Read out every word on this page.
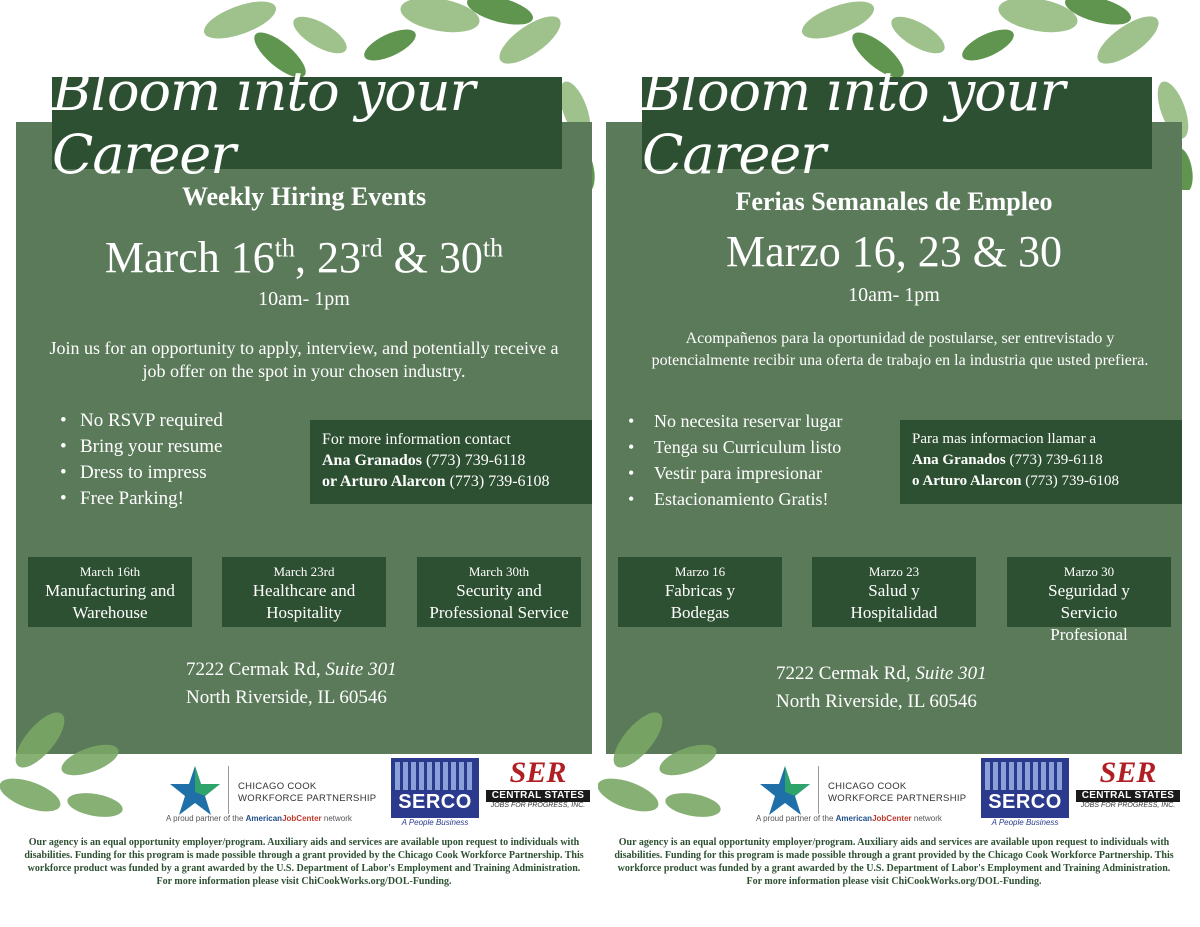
Bloom into your Career
Weekly Hiring Events
March 16th, 23rd & 30th
10am- 1pm
Join us for an opportunity to apply, interview, and potentially receive a job offer on the spot in your chosen industry.
• No RSVP required
• Bring your resume
• Dress to impress
• Free Parking!
For more information contact
Ana Granados (773) 739-6118
or Arturo Alarcon (773) 739-6108
March 16th
Manufacturing and Warehouse
March 23rd
Healthcare and Hospitality
March 30th
Security and Professional Service
7222 Cermak Rd, Suite 301
North Riverside, IL 60546
CHICAGO COOK
WORKFORCE PARTNERSHIP
A proud partner of the AmericanJobCenter network
SERCO
A People Business
SER
CENTRAL STATES
JOBS FOR PROGRESS, INC.
Our agency is an equal opportunity employer/program. Auxiliary aids and services are available upon request to individuals with disabilities. Funding for this program is made possible through a grant provided by the Chicago Cook Workforce Partnership. This workforce product was funded by a grant awarded by the U.S. Department of Labor's Employment and Training Administration. For more information please visit ChiCookWorks.org/DOL-Funding.
Bloom into your Career
Ferias Semanales de Empleo
Marzo 16, 23 & 30
10am- 1pm
Acompañenos para la oportunidad de postularse, ser entrevistado y potencialmente recibir una oferta de trabajo en la industria que usted prefiera.
• No necesita reservar lugar
• Tenga su Curriculum listo
• Vestir para impresionar
• Estacionamiento Gratis!
Para mas informacion llamar a
Ana Granados (773) 739-6118
o Arturo Alarcon (773) 739-6108
Marzo 16
Fabricas y Bodegas
Marzo 23
Salud y Hospitalidad
Marzo 30
Seguridad y Servicio Profesional
7222 Cermak Rd, Suite 301
North Riverside, IL 60546
CHICAGO COOK
WORKFORCE PARTNERSHIP
A proud partner of the AmericanJobCenter network
SERCO
A People Business
SER
CENTRAL STATES
JOBS FOR PROGRESS, INC.
Our agency is an equal opportunity employer/program. Auxiliary aids and services are available upon request to individuals with disabilities. Funding for this program is made possible through a grant provided by the Chicago Cook Workforce Partnership. This workforce product was funded by a grant awarded by the U.S. Department of Labor's Employment and Training Administration. For more information please visit ChiCookWorks.org/DOL-Funding.
